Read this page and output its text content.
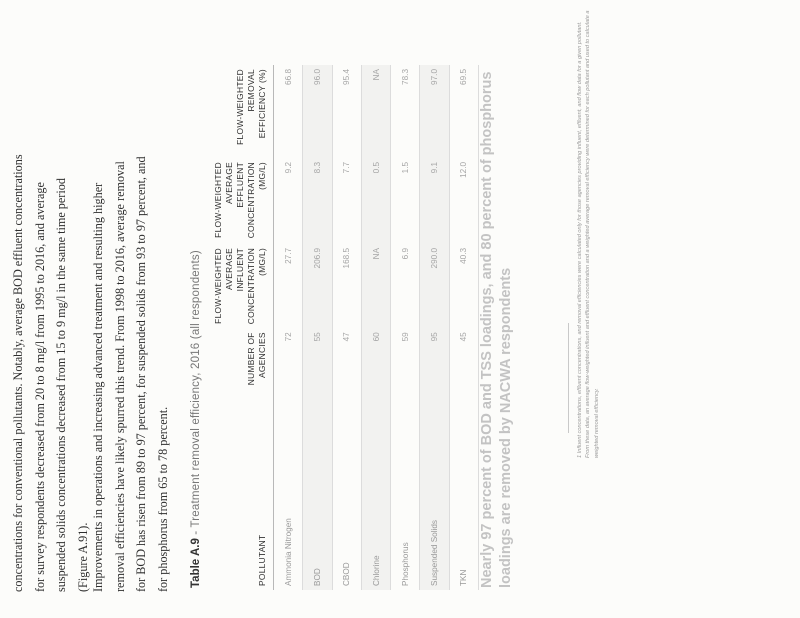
concentrations for conventional pollutants. Notably, average BOD effluent concentrations for survey respondents decreased from 20 to 8 mg/l from 1995 to 2016, and average suspended solids concentrations decreased from 15 to 9 mg/l in the same time period (Figure A.91). Improvements in operations and increasing advanced treatment and resulting higher removal efficiencies have likely spurred this trend. From 1998 to 2016, average removal for BOD has risen from 89 to 97 percent, for suspended solids from 93 to 97 percent, and for phosphorus from 65 to 78 percent.	Table A.9 - Treatment removal efficiency, 2016 (all respondents)
POLLUTANT	NUMBER OF AGENCIES	FLOW-WEIGHTED AVERAGE INFLUENT CONCENTRATION (MG/L)	FLOW-WEIGHTED AVERAGE EFFLUENT CONCENTRATION (MG/L)	FLOW-WEIGHTED REMOVAL EFFICIENCY (%)
Ammonia Nitrogen	72	27.7	9.2	66.8
BOD	55	206.9	8.3	96.0
CBOD	47	168.5	7.7	95.4
Chlorine	60	NA	0.5	NA
Phosphorus	59	6.9	1.5	78.3
Suspended Solids	95	290.0	9.1	97.0
TKN	45	40.3	12.0	69.5 Nearly 97 percent of BOD and TSS loadings, and 80 percent of phosphorus loadings are removed by NACWA respondents	1 Influent concentrations, effluent concentrations, and removal efficiencies were calculated only for those agencies providing influent, effluent, and flow data for a given pollutant. From these data, an average flow-weighted influent and effluent concentration and a weighted average removal efficiency were determined for each pollutant and used to calculate a weighted removal efficiency.
